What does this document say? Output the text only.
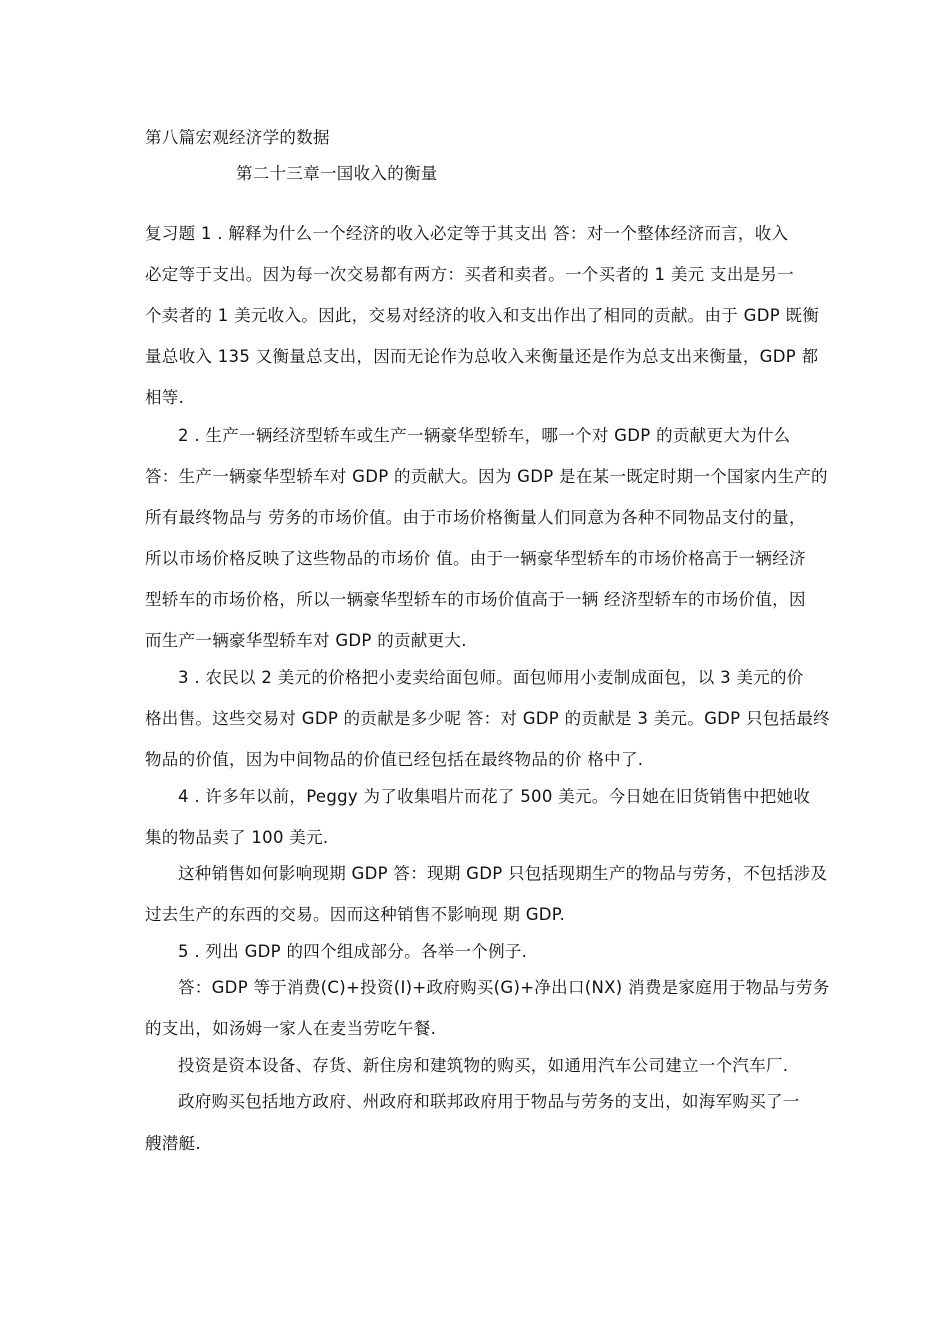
第八篇宏观经济学的数据

第二十三章一国收入的衡量

复习题 1 . 解释为什么一个经济的收入必定等于其支出 答：对一个整体经济而言，收入

必定等于支出。因为每一次交易都有两方：买者和卖者。一个买者的 1 美元 支出是另一

个卖者的 1 美元收入。因此，交易对经济的收入和支出作出了相同的贡献。由于 GDP 既衡

量总收入 135 又衡量总支出，因而无论作为总收入来衡量还是作为总支出来衡量，GDP 都

相等.

2 . 生产一辆经济型轿车或生产一辆豪华型轿车，哪一个对 GDP 的贡献更大为什么

答：生产一辆豪华型轿车对 GDP 的贡献大。因为 GDP 是在某一既定时期一个国家内生产的

所有最终物品与 劳务的市场价值。由于市场价格衡量人们同意为各种不同物品支付的量，

所以市场价格反映了这些物品的市场价 值。由于一辆豪华型轿车的市场价格高于一辆经济

型轿车的市场价格，所以一辆豪华型轿车的市场价值高于一辆 经济型轿车的市场价值，因

而生产一辆豪华型轿车对 GDP 的贡献更大.

3 . 农民以 2 美元的价格把小麦卖给面包师。面包师用小麦制成面包，以 3 美元的价

格出售。这些交易对 GDP 的贡献是多少呢 答：对 GDP 的贡献是 3 美元。GDP 只包括最终

物品的价值，因为中间物品的价值已经包括在最终物品的价 格中了.

4 . 许多年以前，Peggy 为了收集唱片而花了 500 美元。今日她在旧货销售中把她收

集的物品卖了 100 美元.

这种销售如何影响现期 GDP 答：现期 GDP 只包括现期生产的物品与劳务，不包括涉及

过去生产的东西的交易。因而这种销售不影响现 期 GDP.

5 . 列出 GDP 的四个组成部分。各举一个例子.

答：GDP 等于消费(C)+投资(I)+政府购买(G)+净出口(NX) 消费是家庭用于物品与劳务

的支出，如汤姆一家人在麦当劳吃午餐.

投资是资本设备、存货、新住房和建筑物的购买，如通用汽车公司建立一个汽车厂.

政府购买包括地方政府、州政府和联邦政府用于物品与劳务的支出，如海军购买了一

艘潜艇.
